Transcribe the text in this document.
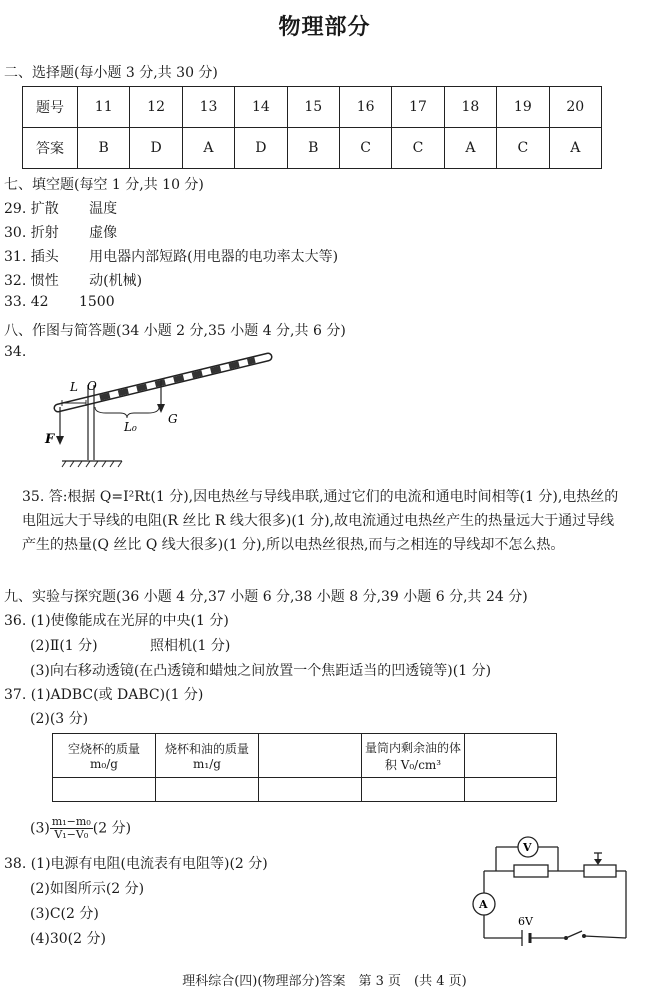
物理部分
二、选择题(每小题 3 分,共 30 分)
题号	11	12	13	14	15	16	17	18	19	20
答案	B	D	A	D	B	C	C	A	C	A
七、填空题(每空 1 分,共 10 分)
29. 扩散 温度
30. 折射 虚像
31. 插头 用电器内部短路(用电器的电功率太大等)
32. 惯性 动(机械)
33. 42 1500
八、作图与简答题(34 小题 2 分,35 小题 4 分,共 6 分)
34.
F
G
L O
L₀
35. 答:根据 Q=I²Rt(1 分),因电热丝与导线串联,通过它们的电流和通电时间相等(1 分),电热丝的电阻远大于导线的电阻(R 丝比 R 线大很多)(1 分),故电流通过电热丝产生的热量远大于通过导线产生的热量(Q 丝比 Q 线大很多)(1 分),所以电热丝很热,而与之相连的导线却不怎么热。
九、实验与探究题(36 小题 4 分,37 小题 6 分,38 小题 8 分,39 小题 6 分,共 24 分)
36. (1)使像能成在光屏的中央(1 分)
(2)Ⅱ(1 分)	照相机(1 分)
(3)向右移动透镜(在凸透镜和蜡烛之间放置一个焦距适当的凹透镜等)(1 分)
37. (1)ADBC(或 DABC)(1 分)
(2)(3 分)
空烧杯的质量 m₀/g	烧杯和油的质量 m₁/g		量筒内剩余油的体积 V₀/cm³	

$(3) \frac{\text{m₁−m₀}}{\text{V₁−V₀}} (2$ 分)
38. (1)电源有电阻(电流表有电阻等)(2 分)
(2)如图所示(2 分)
(3)C(2 分)
(4)30(2 分)
V
A
6V
理科综合(四)(物理部分)答案　第 3 页　(共 4 页)
